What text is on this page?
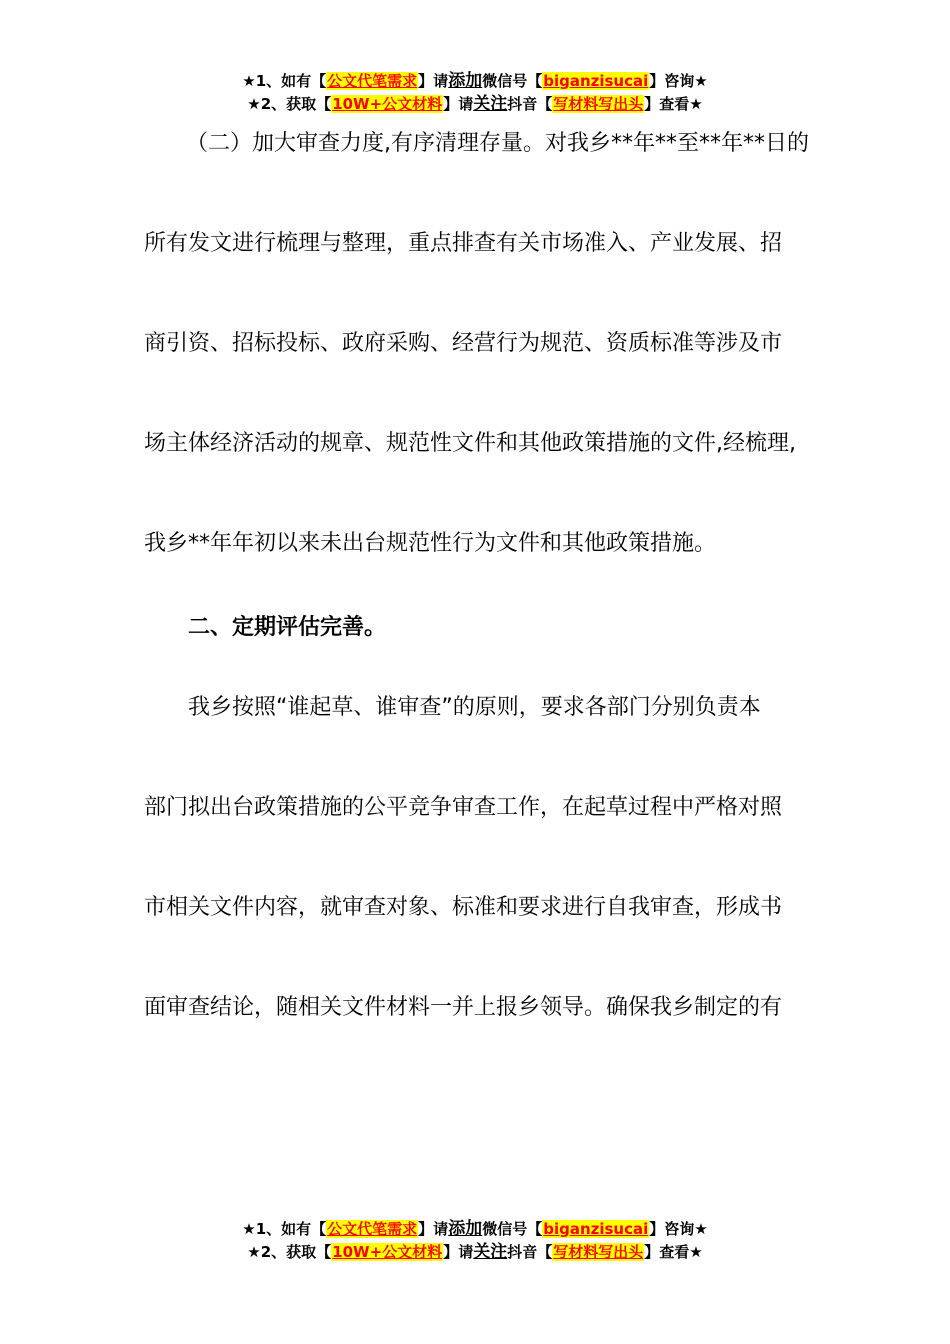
★1、如有【公文代笔需求】请添加微信号【biganzisucai】咨询★
★2、获取【10W+公文材料】请关注抖音【写材料写出头】查看★
（二）加大审查力度,有序清理存量。对我乡**年**至**年**日的
所有发文进行梳理与整理，重点排查有关市场准入、产业发展、招
商引资、招标投标、政府采购、经营行为规范、资质标准等涉及市
场主体经济活动的规章、规范性文件和其他政策措施的文件,经梳理,
我乡**年年初以来未出台规范性行为文件和其他政策措施。
二、定期评估完善。
我乡按照“谁起草、谁审查”的原则，要求各部门分别负责本
部门拟出台政策措施的公平竞争审查工作，在起草过程中严格对照
市相关文件内容，就审查对象、标准和要求进行自我审查，形成书
面审查结论，随相关文件材料一并上报乡领导。确保我乡制定的有
★1、如有【公文代笔需求】请添加微信号【biganzisucai】咨询★
★2、获取【10W+公文材料】请关注抖音【写材料写出头】查看★
